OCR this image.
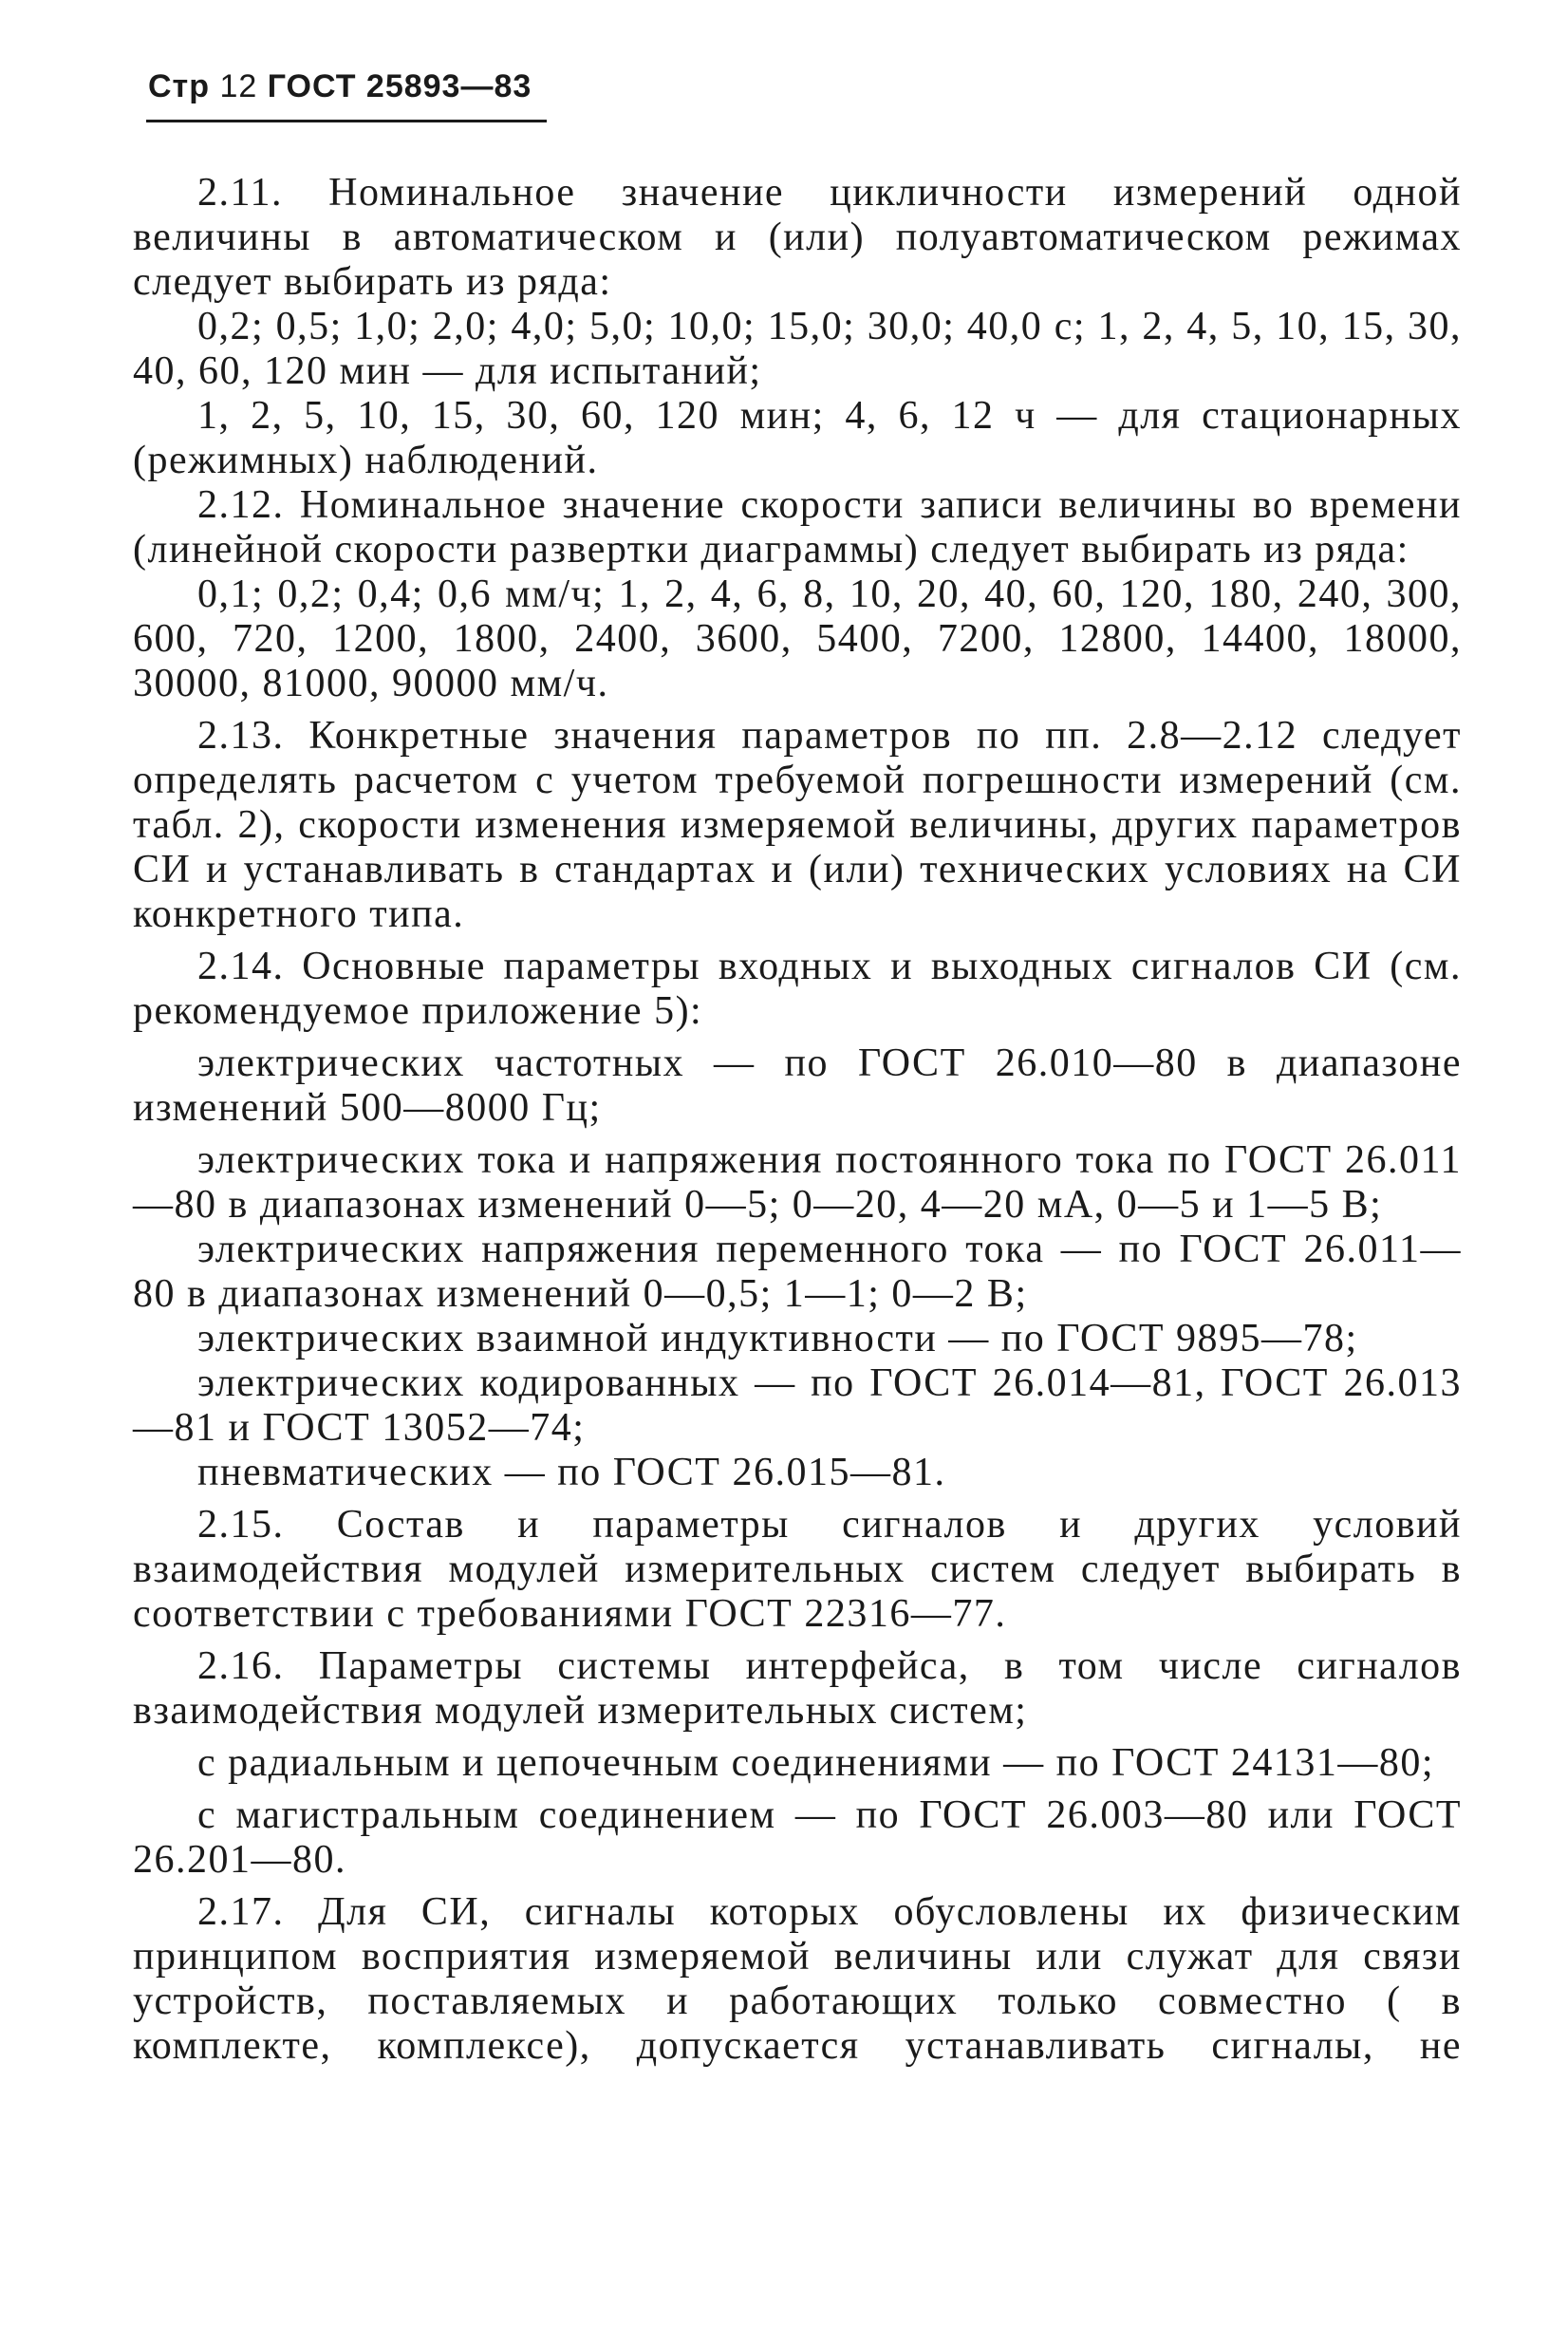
Стр 12 ГОСТ 25893—83

2.11. Номинальное значение цикличности измерений одной величины в автоматическом и (или) полуавтоматическом режимах следует выбирать из ряда:

0,2; 0,5; 1,0; 2,0; 4,0; 5,0; 10,0; 15,0; 30,0; 40,0 с; 1, 2, 4, 5, 10, 15, 30, 40, 60, 120 мин — для испытаний;

1, 2, 5, 10, 15, 30, 60, 120 мин; 4, 6, 12 ч — для стационарных (режимных) наблюдений.

2.12. Номинальное значение скорости записи величины во времени (линейной скорости развертки диаграммы) следует выбирать из ряда:

0,1; 0,2; 0,4; 0,6 мм/ч; 1, 2, 4, 6, 8, 10, 20, 40, 60, 120, 180, 240, 300, 600, 720, 1200, 1800, 2400, 3600, 5400, 7200, 12800, 14400, 18000, 30000, 81000, 90000 мм/ч.

2.13. Конкретные значения параметров по пп. 2.8—2.12 следует определять расчетом с учетом требуемой погрешности измерений (см. табл. 2), скорости изменения измеряемой величины, других параметров СИ и устанавливать в стандартах и (или) технических условиях на СИ конкретного типа.

2.14. Основные параметры входных и выходных сигналов СИ (см. рекомендуемое приложение 5):

электрических частотных — по ГОСТ 26.010—80 в диапазоне изменений 500—8000 Гц;

электрических тока и напряжения постоянного тока по ГОСТ 26.011—80 в диапазонах изменений 0—5; 0—20, 4—20 мА, 0—5 и 1—5 В;

электрических напряжения переменного тока — по ГОСТ 26.011—80 в диапазонах изменений 0—0,5; 1—1; 0—2 В;

электрических взаимной индуктивности — по ГОСТ 9895—78;

электрических кодированных — по ГОСТ 26.014—81, ГОСТ 26.013—81 и ГОСТ 13052—74;

пневматических — по ГОСТ 26.015—81.

2.15. Состав и параметры сигналов и других условий взаимодействия модулей измерительных систем следует выбирать в соответствии с требованиями ГОСТ 22316—77.

2.16. Параметры системы интерфейса, в том числе сигналов взаимодействия модулей измерительных систем;

с радиальным и цепочечным соединениями — по ГОСТ 24131—80;

с магистральным соединением — по ГОСТ 26.003—80 или ГОСТ 26.201—80.

2.17. Для СИ, сигналы которых обусловлены их физическим принципом восприятия измеряемой величины или служат для связи устройств, поставляемых и работающих только совместно ( в комплекте, комплексе), допускается устанавливать сигналы, не
